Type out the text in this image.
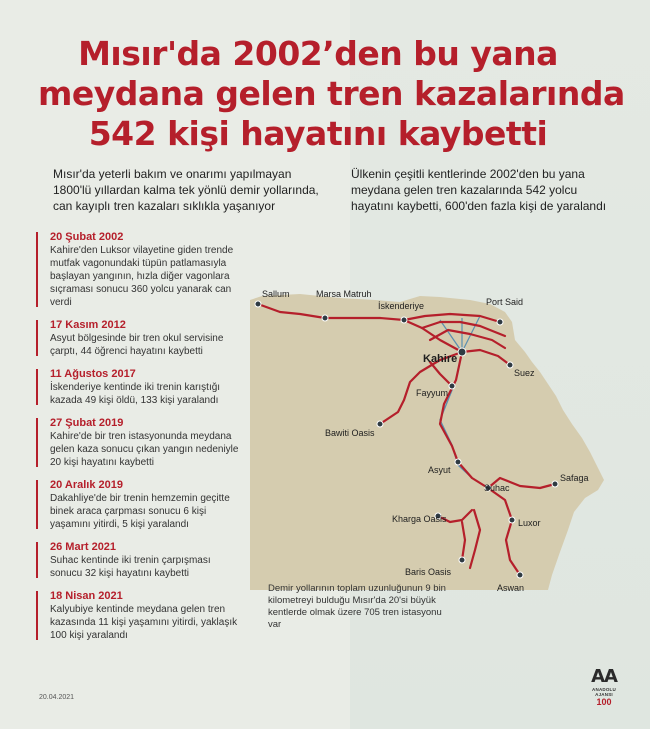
Mısır'da 2002’den bu yana
meydana gelen tren kazalarında
542 kişi hayatını kaybetti
Mısır'da yeterli bakım ve onarımı yapılmayan 1800'lü yıllardan kalma tek yönlü demir yollarında, can kayıplı tren kazaları sıklıkla yaşanıyor
Ülkenin çeşitli kentlerinde 2002'den bu yana meydana gelen tren kazalarında 542 yolcu hayatını kaybetti, 600'den fazla kişi de yaralandı
Sallum	Marsa Matruh
İskenderiye	Port Said
Kahire
Suez
Fayyum
Bawiti Oasis
Asyut
Suhac
Safaga
Kharga Oasis	Luxor
Baris Oasis
Aswan
20 Şubat 2002
Kahire'den Luksor vilayetine giden trende mutfak vagonundaki tüpün patlamasıyla başlayan yangının, hızla diğer vagonlara sıçraması sonucu 360 yolcu yanarak can verdi
17 Kasım 2012
Asyut bölgesinde bir tren okul servisine çarptı, 44 öğrenci hayatını kaybetti
11 Ağustos 2017
İskenderiye kentinde iki trenin karıştığı kazada 49 kişi öldü, 133 kişi yaralandı
27 Şubat 2019
Kahire'de bir tren istasyonunda meydana gelen kaza sonucu çıkan yangın nedeniyle 20 kişi hayatını kaybetti
20 Aralık 2019
Dakahliye'de bir trenin hemzemin geçitte binek araca çarpması sonucu 6 kişi yaşamını yitirdi, 5 kişi yaralandı
26 Mart 2021
Suhac kentinde iki trenin çarpışması sonucu 32 kişi hayatını kaybetti
18 Nisan 2021
Kalyubiye kentinde meydana gelen tren kazasında 11 kişi yaşamını yitirdi, yaklaşık 100 kişi yaralandı
Demir yollarının toplam uzunluğunun 9 bin kilometreyi bulduğu Mısır'da 20'si büyük kentlerde olmak üzere 705 tren istasyonu var
20.04.2021
AA
ANADOLU AJANSI
100
